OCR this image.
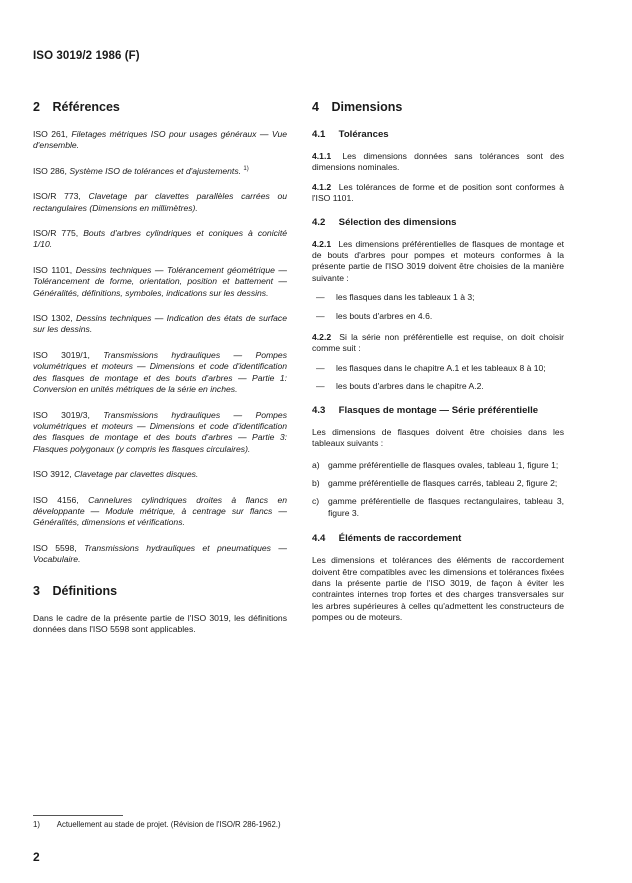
ISO 3019/2 1986 (F)
2 Références

ISO 261, Filetages métriques ISO pour usages généraux — Vue d'ensemble.

ISO 286, Système ISO de tolérances et d'ajustements. $^{1)}$

ISO/R 773, Clavetage par clavettes parallèles carrées ou rectangulaires (Dimensions en millimètres).

ISO/R 775, Bouts d'arbres cylindriques et coniques à conicité 1/10.

ISO 1101, Dessins techniques — Tolérancement géométrique — Tolérancement de forme, orientation, position et battement — Généralités, définitions, symboles, indications sur les dessins.

ISO 1302, Dessins techniques — Indication des états de surface sur les dessins.

ISO 3019/1, Transmissions hydrauliques — Pompes volumétriques et moteurs — Dimensions et code d'identification des flasques de montage et des bouts d'arbres — Partie 1: Conversion en unités métriques de la série en inches.

ISO 3019/3, Transmissions hydrauliques — Pompes volumétriques et moteurs — Dimensions et code d'identification des flasques de montage et des bouts d'arbres — Partie 3: Flasques polygonaux (y compris les flasques circulaires).

ISO 3912, Clavetage par clavettes disques.

ISO 4156, Cannelures cylindriques droites à flancs en développante — Module métrique, à centrage sur flancs — Généralités, dimensions et vérifications.

ISO 5598, Transmissions hydrauliques et pneumatiques — Vocabulaire.

3 Définitions

Dans le cadre de la présente partie de l'ISO 3019, les définitions données dans l'ISO 5598 sont applicables.

4 Dimensions
4.1 Tolérances

4.1.1 Les dimensions données sans tolérances sont des dimensions nominales.

4.1.2 Les tolérances de forme et de position sont conformes à l'ISO 1101.

4.2 Sélection des dimensions

4.2.1 Les dimensions préférentielles de flasques de montage et de bouts d'arbres pour pompes et moteurs conformes à la présente partie de l'ISO 3019 doivent être choisies de la manière suivante :

—	les flasques dans les tableaux 1 à 3;
—	les bouts d'arbres en 4.6.

4.2.2 Si la série non préférentielle est requise, on doit choisir comme suit :

—	les flasques dans le chapitre A.1 et les tableaux 8 à 10;
—	les bouts d'arbres dans le chapitre A.2.
4.3 Flasques de montage — Série préférentielle

Les dimensions de flasques doivent être choisies dans les tableaux suivants :

a) gamme préférentielle de flasques ovales, tableau 1, figure 1;
b) gamme préférentielle de flasques carrés, tableau 2, figure 2;
c)	gamme préférentielle de flasques rectangulaires, tableau 3, figure 3.
4.4 Éléments de raccordement

Les dimensions et tolérances des éléments de raccordement doivent être compatibles avec les dimensions et tolérances fixées dans la présente partie de l'ISO 3019, de façon à éviter les contraintes internes trop fortes et des charges transversales sur les arbres supérieures à celles qu'admettent les constructeurs de pompes ou de moteurs.

1) Actuellement au stade de projet. (Révision de l'ISO/R 286-1962.)
2
